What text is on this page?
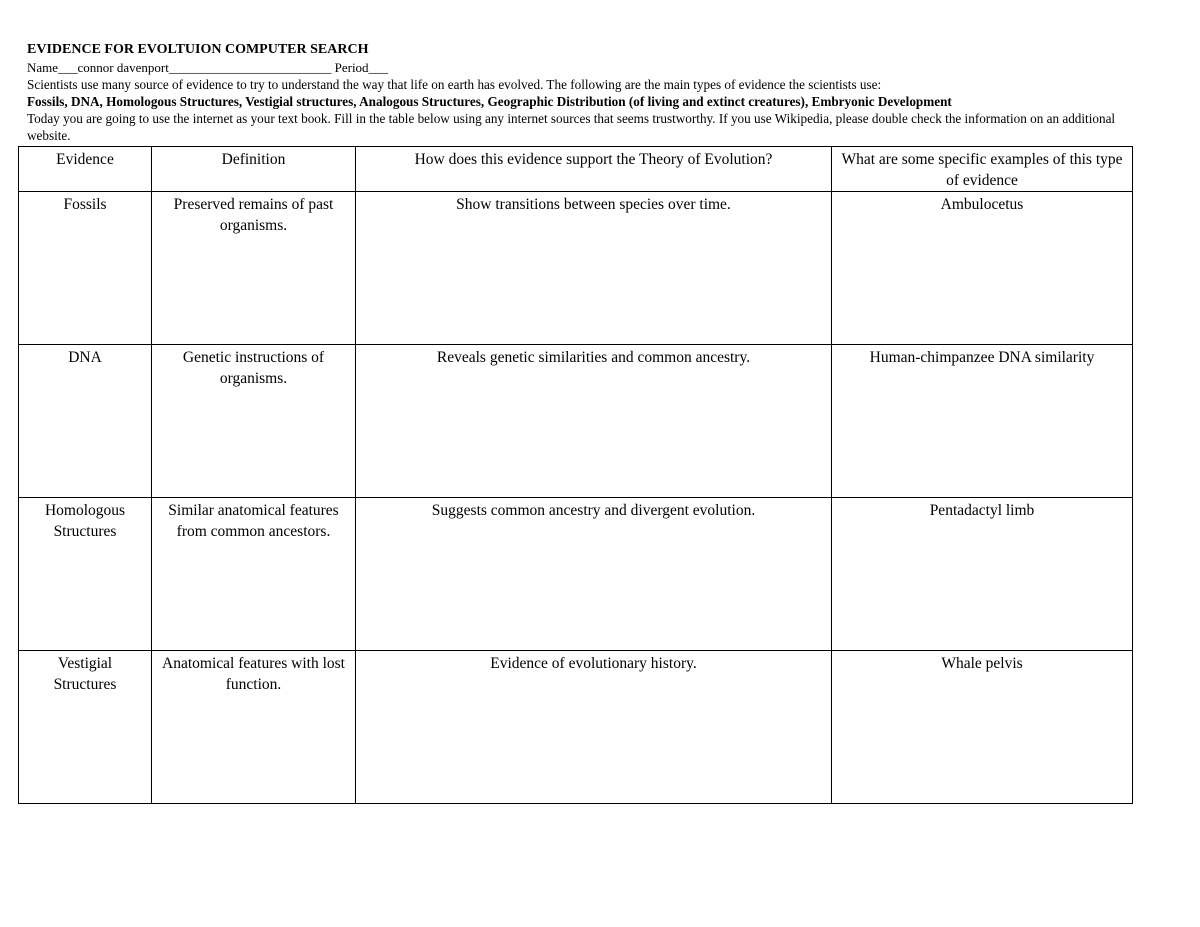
EVIDENCE FOR EVOLTUION COMPUTER SEARCH
Name___connor davenport_________________________ Period___
Scientists use many source of evidence to try to understand the way that life on earth has evolved. The following are the main types of evidence the scientists use:
Fossils, DNA, Homologous Structures, Vestigial structures, Analogous Structures, Geographic Distribution (of living and extinct creatures), Embryonic Development
Today you are going to use the internet as your text book. Fill in the table below using any internet sources that seems trustworthy. If you use Wikipedia, please double check the information on an additional website.
Evidence	Definition	How does this evidence support the Theory of Evolution?	What are some specific examples of this type of evidence
Fossils	Preserved remains of past organisms.	Show transitions between species over time.	Ambulocetus
DNA	Genetic instructions of organisms.	Reveals genetic similarities and common ancestry.	Human-chimpanzee DNA similarity
Homologous Structures	Similar anatomical features from common ancestors.	Suggests common ancestry and divergent evolution.	Pentadactyl limb
Vestigial Structures	Anatomical features with lost function.	Evidence of evolutionary history.	Whale pelvis
